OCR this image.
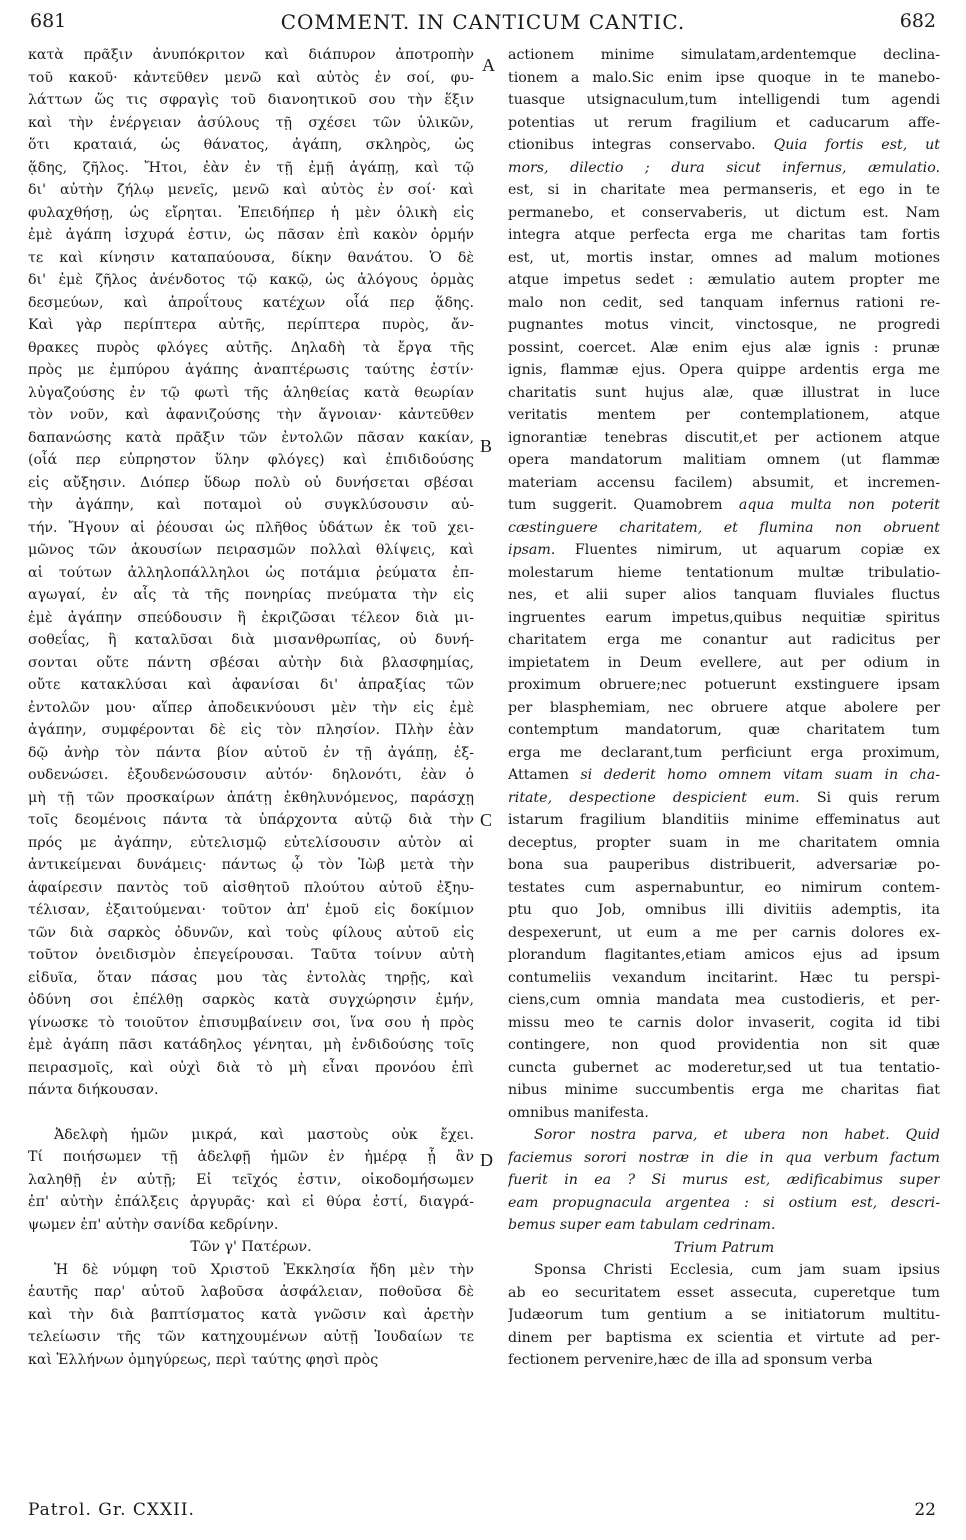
681	COMMENT. IN CANTICUM CANTIC.	682
κατὰ πρᾶξιν ἀνυπόκριτον καὶ διάπυρον ἀποτροπὴν
τοῦ κακοῦ· κἀντεῦθεν μενῶ καὶ αὐτὸς ἐν σοί, φυ-
λάττων ὥς τις σφραγὶς τοῦ διανοητικοῦ σου τὴν ἕξιν
καὶ τὴν ἐνέργειαν ἀσύλους τῇ σχέσει τῶν ὑλικῶν,
ὅτι κραταιά, ὡς θάνατος, ἀγάπη, σκληρὸς, ὡς
ᾅδης, ζῆλος. Ἤτοι, ἐὰν ἐν τῇ ἐμῇ ἀγάπῃ, καὶ τῷ
δι' αὐτὴν ζήλῳ μενεῖς, μενῶ καὶ αὐτὸς ἐν σοί· καὶ
φυλαχθήσῃ, ὡς εἴρηται. Ἐπειδήπερ ἡ μὲν ὁλικὴ εἰς
ἐμὲ ἀγάπη ἰσχυρά ἐστιν, ὡς πᾶσαν ἐπὶ κακὸν ὁρμήν
τε καὶ κίνησιν καταπαύουσα, δίκην θανάτου. Ὁ δὲ
δι' ἐμὲ ζῆλος ἀνένδοτος τῷ κακῷ, ὡς ἀλόγους ὁρμὰς
δεσμεύων, καὶ ἀπροΐτους κατέχων οἷά περ ᾅδης.
Καὶ γὰρ περίπτερα αὐτῆς, περίπτερα πυρὸς, ἄν-
θρακες πυρὸς φλόγες αὐτῆς. Δηλαδὴ τὰ ἔργα τῆς
πρὸς με ἐμπύρου ἀγάπης ἀναπτέρωσις ταύτης ἐστίν·
λὐγαζούσης ἐν τῷ φωτὶ τῆς ἀληθείας κατὰ θεωρίαν
τὸν νοῦν, καὶ ἀφανιζούσης τὴν ἄγνοιαν· κἀντεῦθεν
δαπανώσης κατὰ πρᾶξιν τῶν ἐντολῶν πᾶσαν κακίαν,
(οἷά περ εὐπρηστον ὕλην φλόγες) καὶ ἐπιδιδούσης
εἰς αὔξησιν. Διόπερ ὕδωρ πολὺ οὐ δυνήσεται σβέσαι
τὴν ἀγάπην, καὶ ποταμοὶ οὐ συγκλύσουσιν αὐ-
τήν. Ἤγουν αἱ ῥέουσαι ὡς πλῆθος ὑδάτων ἐκ τοῦ χει-
μῶνος τῶν ἀκουσίων πειρασμῶν πολλαὶ θλίψεις, καὶ
αἱ τούτων ἀλληλοπάλληλοι ὡς ποτάμια ῥεύματα ἐπ-
αγωγαί, ἐν αἷς τὰ τῆς πονηρίας πνεύματα τὴν εἰς
ἐμὲ ἀγάπην σπεύδουσιν ἢ ἐκριζῶσαι τέλεον διὰ μι-
σοθεΐας, ἢ καταλῦσαι διὰ μισανθρωπίας, οὐ δυνή-
σονται οὔτε πάντη σβέσαι αὐτὴν διὰ βλασφημίας,
οὔτε κατακλύσαι καὶ ἀφανίσαι δι' ἀπραξίας τῶν
ἐντολῶν μου· αἵπερ ἀποδεικνύουσι μὲν τὴν εἰς ἐμὲ
ἀγάπην, συμφέρονται δὲ εἰς τὸν πλησίον. Πλὴν ἐὰν
δῷ ἀνὴρ τὸν πάντα βίον αὐτοῦ ἐν τῇ ἀγάπῃ, ἐξ-
ουδενώσει. ἐξουδενώσουσιν αὐτόν· δηλονότι, ἐὰν ὁ
μὴ τῇ τῶν προσκαίρων ἀπάτῃ ἐκθηλυνόμενος, παράσχῃ
τοῖς δεομένοις πάντα τὰ ὑπάρχοντα αὐτῷ διὰ τὴν
πρός με ἀγάπην, εὐτελισμῷ εὐτελίσουσιν αὐτὸν αἱ
ἀντικείμεναι δυνάμεις· πάντως ᾧ τὸν Ἰὼβ μετὰ τὴν
ἀφαίρεσιν παντὸς τοῦ αἰσθητοῦ πλούτου αὐτοῦ ἐξηυ-
τέλισαν, ἐξαιτούμεναι· τοῦτον ἀπ' ἐμοῦ εἰς δοκίμιον
τῶν διὰ σαρκὸς ὀδυνῶν, καὶ τοὺς φίλους αὐτοῦ εἰς
τοῦτον ὀνειδισμὸν ἐπεγείρουσαι. Ταῦτα τοίνυν αὐτὴ
εἰδυῖα, ὅταν πάσας μου τὰς ἐντολὰς τηρῇς, καὶ
ὀδύνη σοι ἐπέλθῃ σαρκὸς κατὰ συγχώρησιν ἐμήν,
γίνωσκε τὸ τοιοῦτον ἐπισυμβαίνειν σοι, ἵνα σου ἡ πρὸς
ἐμὲ ἀγάπη πᾶσι κατάδηλος γένηται, μὴ ἐνδιδούσης τοῖς
πειρασμοῖς, καὶ οὐχὶ διὰ τὸ μὴ εἶναι προνόου ἐπὶ
πάντα διήκουσαν.
Ἀδελφὴ ἡμῶν μικρά, καὶ μαστοὺς οὐκ ἔχει.
Τί ποιήσωμεν τῇ ἀδελφῇ ἡμῶν ἐν ἡμέρᾳ ᾗ ἂν
λαληθῇ ἐν αὐτῇ; Εἰ τεῖχός ἐστιν, οἰκοδομήσωμεν
ἐπ' αὐτὴν ἐπάλξεις ἀργυρᾶς· καὶ εἰ θύρα ἐστί, διαγρά-
ψωμεν ἐπ' αὐτὴν σανίδα κεδρίνην.
Τῶν γ' Πατέρων.
Ἡ δὲ νύμφη τοῦ Χριστοῦ Ἐκκλησία ἤδη μὲν τὴν
ἑαυτῆς παρ' αὐτοῦ λαβοῦσα ἀσφάλειαν, ποθοῦσα δὲ
καὶ τὴν διὰ βαπτίσματος κατὰ γνῶσιν καὶ ἀρετὴν
τελείωσιν τῆς τῶν κατηχουμένων αὐτῇ Ἰουδαίων τε
καὶ Ἑλλήνων ὁμηγύρεως, περὶ ταύτης φησὶ πρὸς
actionem minime simulatam,ardentemque declina-
tionem a malo.Sic enim ipse quoque in te manebo-
tuasque utsignaculum,tum intelligendi tum agendi
potentias ut rerum fragilium et caducarum affe-
ctionibus integras conservabo. Quia fortis est, ut
mors, dilectio ; dura sicut infernus, æmulatio.
est, si in charitate mea permanseris, et ego in te
permanebo, et conservaberis, ut dictum est. Nam
integra atque perfecta erga me charitas tam fortis
est, ut, mortis instar, omnes ad malum motiones
atque impetus sedet : æmulatio autem propter me
malo non cedit, sed tanquam infernus rationi re-
pugnantes motus vincit, vinctosque, ne progredi
possint, coercet. Alæ enim ejus alæ ignis : prunæ
ignis, flammæ ejus. Opera quippe ardentis erga me
charitatis sunt hujus alæ, quæ illustrat in luce
veritatis mentem per contemplationem, atque
ignorantiæ tenebras discutit,et per actionem atque
opera mandatorum malitiam omnem (ut flammæ
materiam accensu facilem) absumit, et incremen-
tum suggerit. Quamobrem aqua multa non poterit
cæstinguere charitatem, et flumina non obruent
ipsam. Fluentes nimirum, ut aquarum copiæ ex
molestarum hieme tentationum multæ tribulatio-
nes, et alii super alios tanquam fluviales fluctus
ingruentes earum impetus,quibus nequitiæ spiritus
charitatem erga me conantur aut radicitus per
impietatem in Deum evellere, aut per odium in
proximum obruere;nec potuerunt exstinguere ipsam
per blasphemiam, nec obruere atque abolere per
contemptum mandatorum, quæ charitatem tum
erga me declarant,tum perficiunt erga proximum,
Attamen si dederit homo omnem vitam suam in cha-
ritate, despectione despicient eum. Si quis rerum
istarum fragilium blanditiis minime effeminatus aut
deceptus, propter suam in me charitatem omnia
bona sua pauperibus distribuerit, adversariæ po-
testates cum aspernabuntur, eo nimirum contem-
ptu quo Job, omnibus illi divitiis ademptis, ita
despexerunt, ut eum a me per carnis dolores ex-
plorandum flagitantes,etiam amicos ejus ad ipsum
contumeliis vexandum incitarint. Hæc tu perspi-
ciens,cum omnia mandata mea custodieris, et per-
missu meo te carnis dolor invaserit, cogita id tibi
contingere, non quod providentia non sit quæ
cuncta gubernet ac moderetur,sed ut tua tentatio-
nibus minime succumbentis erga me charitas fiat
omnibus manifesta.
Soror nostra parva, et ubera non habet. Quid
faciemus sorori nostræ in die in qua verbum factum
fuerit in ea ? Si murus est, ædificabimus super
eam propugnacula argentea : si ostium est, descri-
bemus super eam tabulam cedrinam.
Trium Patrum
Sponsa Christi Ecclesia, cum jam suam ipsius
ab eo securitatem esset assecuta, cuperetque tum
Judæorum tum gentium a se initiatorum multitu-
dinem per baptisma ex scientia et virtute ad per-
fectionem pervenire,hæc de illa ad sponsum verba
A
B
C
D
Patrol. Gr. CXXII.	22
